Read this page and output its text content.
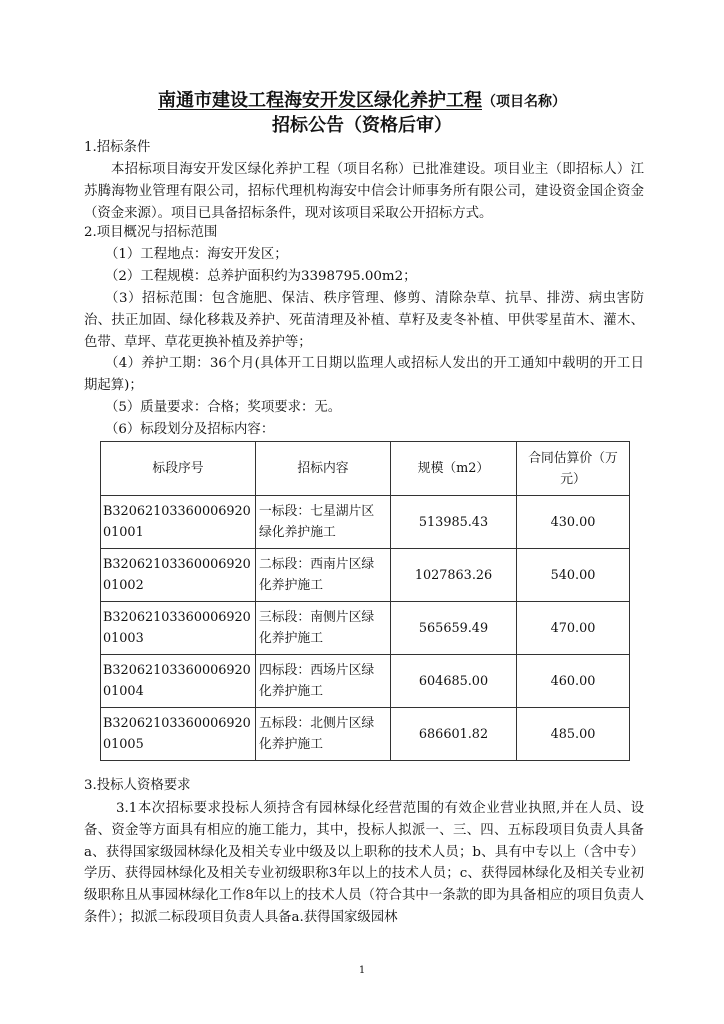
南通市建设工程海安开发区绿化养护工程（项目名称）
招标公告（资格后审）
1.招标条件
本招标项目海安开发区绿化养护工程（项目名称）已批准建设。项目业主（即招标人）江苏腾海物业管理有限公司，招标代理机构海安中信会计师事务所有限公司，建设资金国企资金（资金来源）。项目已具备招标条件，现对该项目采取公开招标方式。
2.项目概况与招标范围
（1）工程地点：海安开发区；
（2）工程规模：总养护面积约为3398795.00m2；
（3）招标范围：包含施肥、保洁、秩序管理、修剪、清除杂草、抗旱、排涝、病虫害防治、扶正加固、绿化移栽及养护、死苗清理及补植、草籽及麦冬补植、甲供零星苗木、灌木、色带、草坪、草花更换补植及养护等；
（4）养护工期：36个月(具体开工日期以监理人或招标人发出的开工通知中载明的开工日期起算)；
（5）质量要求：合格；奖项要求：无。
（6）标段划分及招标内容：
标段序号	招标内容	规模（m2）	合同估算价（万元）
B3206210336000692001001	一标段：七星湖片区绿化养护施工	513985.43	430.00
B3206210336000692001002	二标段：西南片区绿化养护施工	1027863.26	540.00
B3206210336000692001003	三标段：南侧片区绿化养护施工	565659.49	470.00
B3206210336000692001004	四标段：西场片区绿化养护施工	604685.00	460.00
B3206210336000692001005	五标段：北侧片区绿化养护施工	686601.82	485.00
3.投标人资格要求
3.1本次招标要求投标人须持含有园林绿化经营范围的有效企业营业执照,并在人员、设备、资金等方面具有相应的施工能力，其中，投标人拟派一、三、四、五标段项目负责人具备a、获得国家级园林绿化及相关专业中级及以上职称的技术人员；b、具有中专以上（含中专）学历、获得园林绿化及相关专业初级职称3年以上的技术人员；c、获得园林绿化及相关专业初级职称且从事园林绿化工作8年以上的技术人员（符合其中一条款的即为具备相应的项目负责人条件）；拟派二标段项目负责人具备a.获得国家级园林
1
